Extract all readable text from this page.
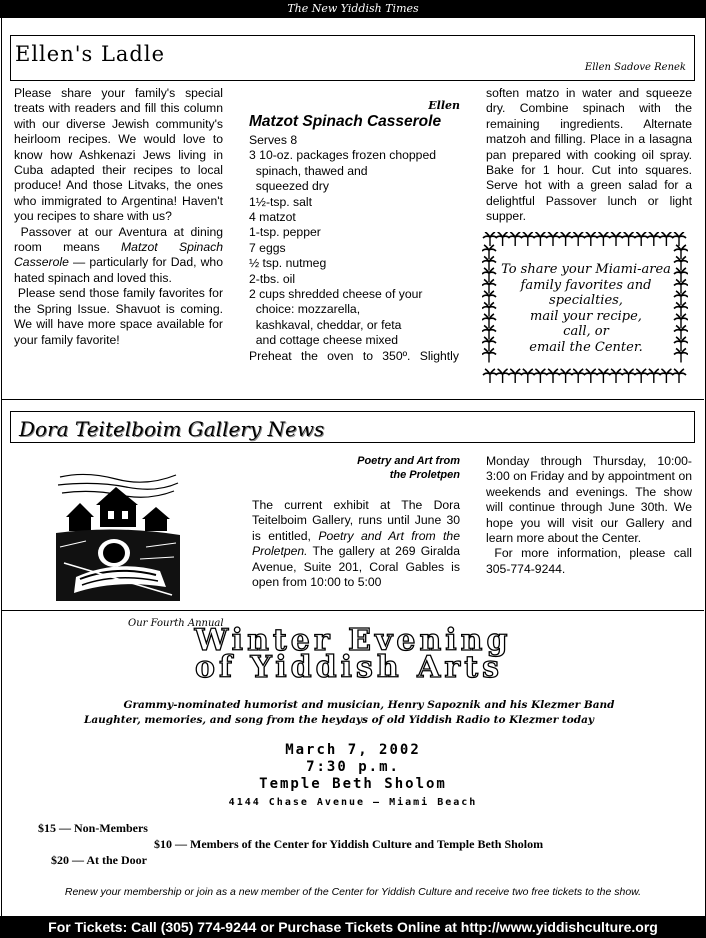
The New Yiddish Times
Ellen's Ladle
Ellen Sadove Renek
Please share your family's special treats with readers and fill this column with our diverse Jewish community's heirloom recipes. We would love to know how Ashkenazi Jews living in Cuba adapted their recipes to local produce! And those Litvaks, the ones who immigrated to Argentina! Haven't you recipes to share with us?
Passover at our Aventura at dining room means Matzot Spinach Casserole — particularly for Dad, who hated spinach and loved this.
Please send those family favorites for the Spring Issue. Shavuot is coming. We will have more space available for your family favorite!
Ellen
Matzot Spinach Casserole
Serves 8
3 10-oz. packages frozen chopped
spinach, thawed and
squeezed dry
1½-tsp. salt
4 matzot
1-tsp. pepper
7 eggs
½ tsp. nutmeg
2-tbs. oil
2 cups shredded cheese of your
choice: mozzarella,
kashkaval, cheddar, or feta
and cottage cheese mixed
Preheat the oven to 350º. Slightly
soften matzo in water and squeeze dry. Combine spinach with the remaining ingredients. Alternate matzoh and filling. Place in a lasagna pan prepared with cooking oil spray. Bake for 1 hour. Cut into squares. Serve hot with a green salad for a delightful Passover lunch or light supper.
To share your Miami-area
family favorites and
specialties,
mail your recipe,
call, or
email the Center.
Dora Teitelboim Gallery News
Poetry and Art from
the Proletpen
The current exhibit at The Dora Teitelboim Gallery, runs until June 30 is entitled, Poetry and Art from the Proletpen. The gallery at 269 Giralda Avenue, Suite 201, Coral Gables is open from 10:00 to 5:00
Monday through Thursday, 10:00-3:00 on Friday and by appointment on weekends and evenings. The show will continue through June 30th. We hope you will visit our Gallery and learn more about the Center.
For more information, please call 305-774-9244.
Our Fourth Annual
Winter Evening
of Yiddish Arts
Grammy-nominated humorist and musician, Henry Sapoznik and his Klezmer Band
Laughter, memories, and song from the heydays of old Yiddish Radio to Klezmer today
March 7, 2002
7:30 p.m.
Temple Beth Sholom
4144 Chase Avenue — Miami Beach
$15 — Non-Members
$10 — Members of the Center for Yiddish Culture and Temple Beth Sholom
$20 — At the Door
Renew your membership or join as a new member of the Center for Yiddish Culture and receive two free tickets to the show.
For Tickets: Call (305) 774-9244 or Purchase Tickets Online at http://www.yiddishculture.org
